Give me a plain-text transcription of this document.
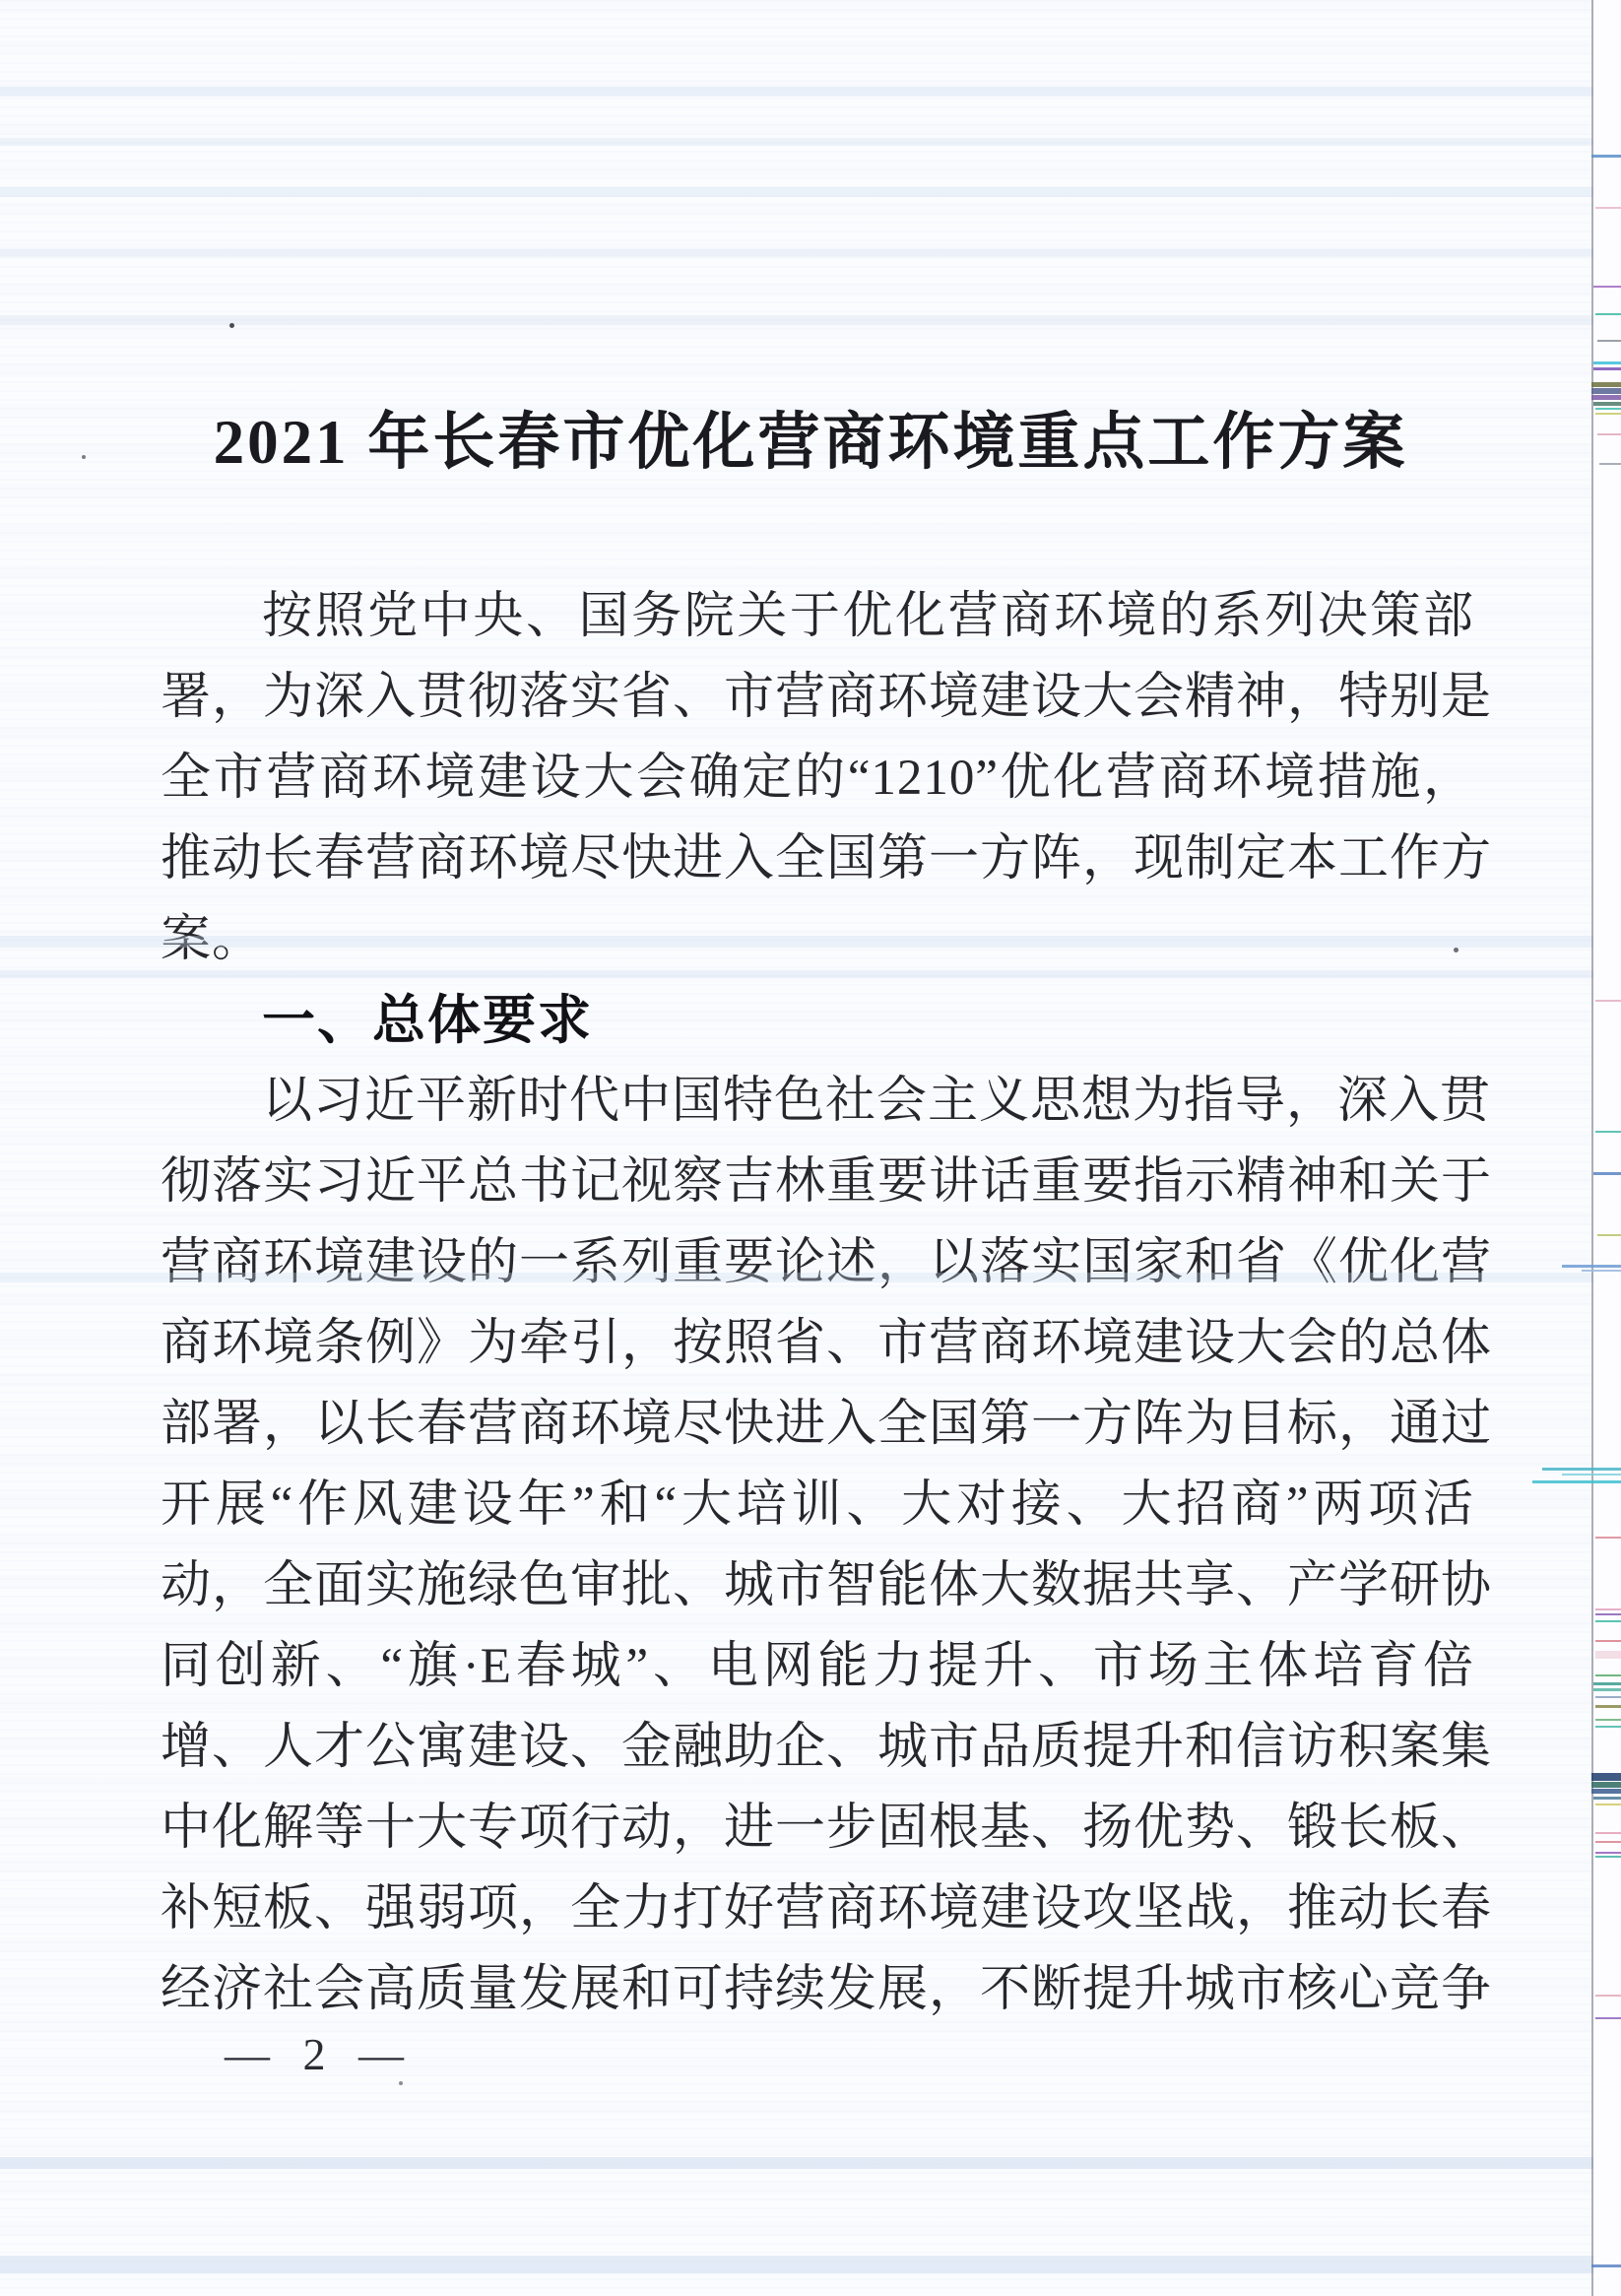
2021 年长春市优化营商环境重点工作方案
按照党中央、国务院关于优化营商环境的系列决策部
署，为深入贯彻落实省、市营商环境建设大会精神，特别是
全市营商环境建设大会确定的“1210”优化营商环境措施，
推动长春营商环境尽快进入全国第一方阵，现制定本工作方
案。
一、总体要求
以习近平新时代中国特色社会主义思想为指导，深入贯
彻落实习近平总书记视察吉林重要讲话重要指示精神和关于
营商环境建设的一系列重要论述，以落实国家和省《优化营
商环境条例》为牵引，按照省、市营商环境建设大会的总体
部署，以长春营商环境尽快进入全国第一方阵为目标，通过
开展“作风建设年”和“大培训、大对接、大招商”两项活
动，全面实施绿色审批、城市智能体大数据共享、产学研协
同创新、“旗·E春城”、电网能力提升、市场主体培育倍
增、人才公寓建设、金融助企、城市品质提升和信访积案集
中化解等十大专项行动，进一步固根基、扬优势、锻长板、
补短板、强弱项，全力打好营商环境建设攻坚战，推动长春
经济社会高质量发展和可持续发展，不断提升城市核心竞争
— 2 —
